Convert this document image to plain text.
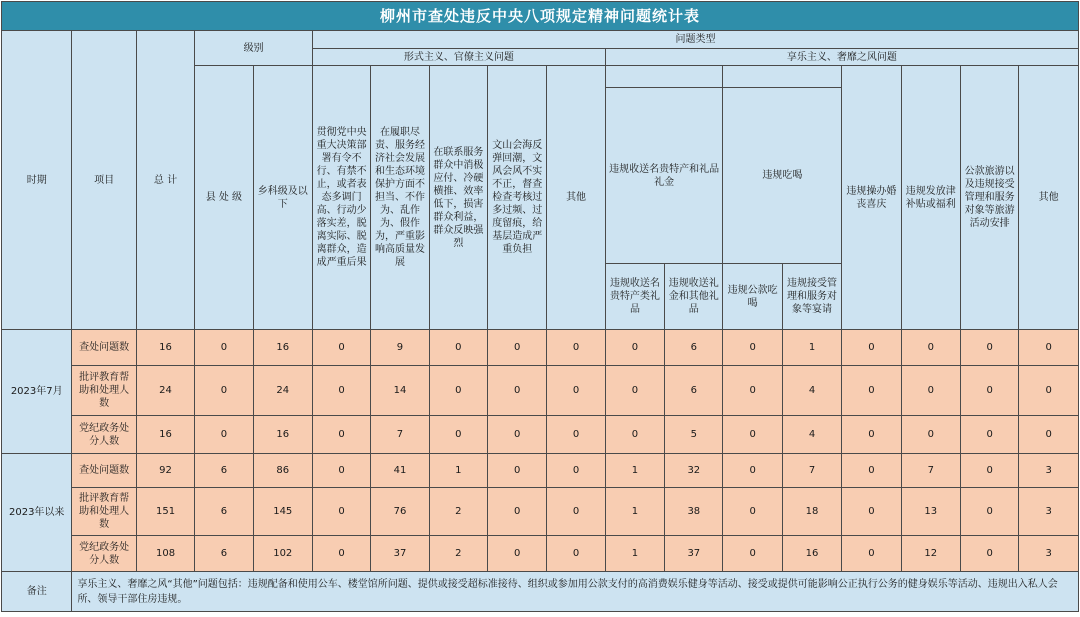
柳州市查处违反中央八项规定精神问题统计表																	
时期	项目	总 计	级别		问题类型												
					形式主义、官僚主义问题					享乐主义、奢靡之风问题							
			县 处 级	乡科级及以下	贯彻党中央重大决策部署有令不行、有禁不止，或者表态多调门高、行动少落实差，脱离实际、脱离群众，造成严重后果	在履职尽责、服务经济社会发展和生态环境保护方面不担当、不作为、乱作为、假作为，严重影响高质量发展	在联系服务群众中消极应付、冷硬横推、效率低下，损害群众利益，群众反映强烈	文山会海反弹回潮，文风会风不实不正，督查检查考核过多过频、过度留痕，给基层造成严重负担	其他					违规操办婚丧喜庆	违规发放津补贴或福利	公款旅游以及违规接受管理和服务对象等旅游活动安排	其他
										违规收送名贵特产和礼品礼金		违规吃喝					
										违规收送名贵特产类礼品	违规收送礼金和其他礼品	违规公款吃喝	违规接受管理和服务对象等宴请				
2023年7月	查处问题数	16	0	16	0	9	0	0	0	0	6	0	1	0	0	0	0
	批评教育帮助和处理人数	24	0	24	0	14	0	0	0	0	6	0	4	0	0	0	0
	党纪政务处分人数	16	0	16	0	7	0	0	0	0	5	0	4	0	0	0	0
2023年以来	查处问题数	92	6	86	0	41	1	0	0	1	32	0	7	0	7	0	3
	批评教育帮助和处理人数	151	6	145	0	76	2	0	0	1	38	0	18	0	13	0	3
	党纪政务处分人数	108	6	102	0	37	2	0	0	1	37	0	16	0	12	0	3
备注	享乐主义、奢靡之风“其他”问题包括：违规配备和使用公车、楼堂馆所问题、提供或接受超标准接待、组织或参加用公款支付的高消费娱乐健身等活动、接受或提供可能影响公正执行公务的健身娱乐等活动、违规出入私人会所、领导干部住房违规。																
